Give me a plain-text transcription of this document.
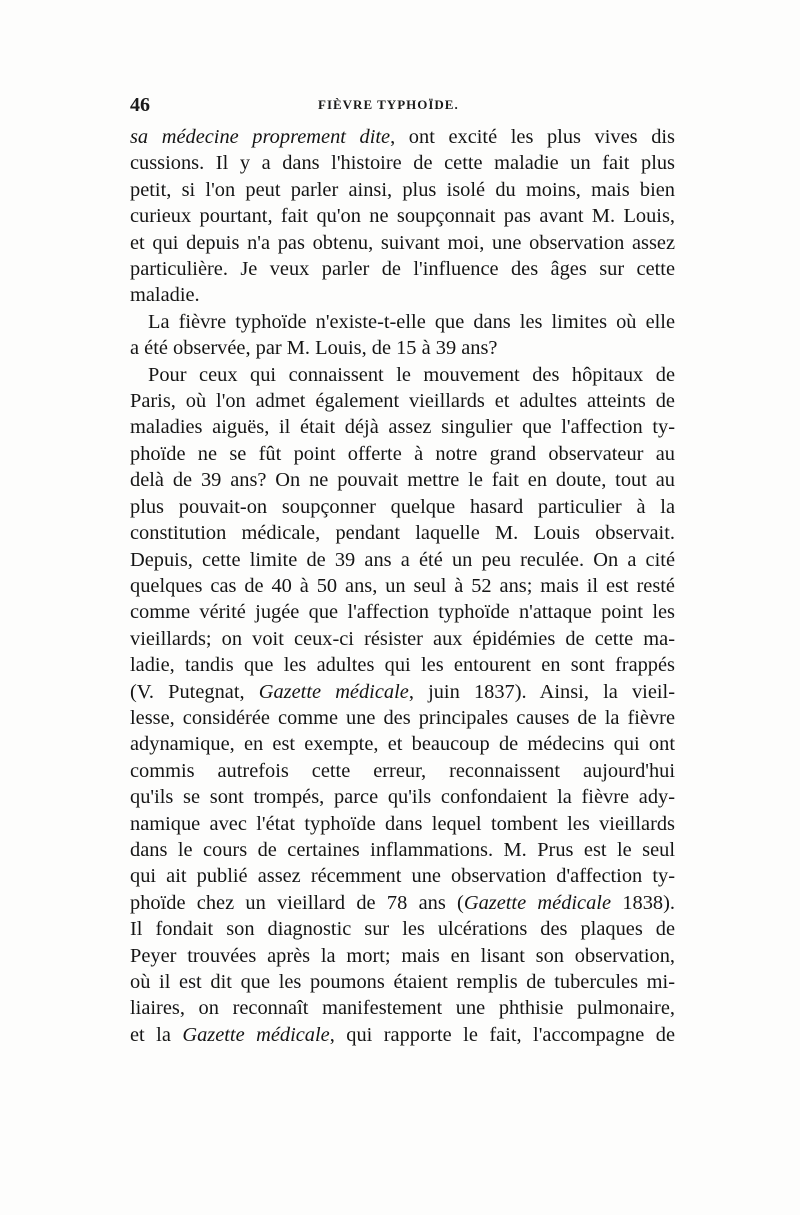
46	FIÈVRE TYPHOÏDE.
sa médecine proprement dite, ont excité les plus vives dis
cussions. Il y a dans l'histoire de cette maladie un fait plus
petit, si l'on peut parler ainsi, plus isolé du moins, mais bien
curieux pourtant, fait qu'on ne soupçonnait pas avant M. Louis,
et qui depuis n'a pas obtenu, suivant moi, une observation assez
particulière. Je veux parler de l'influence des âges sur cette
maladie.
La fièvre typhoïde n'existe-t-elle que dans les limites où elle
a été observée, par M. Louis, de 15 à 39 ans?
Pour ceux qui connaissent le mouvement des hôpitaux de
Paris, où l'on admet également vieillards et adultes atteints de
maladies aiguës, il était déjà assez singulier que l'affection ty-
phoïde ne se fût point offerte à notre grand observateur au
delà de 39 ans? On ne pouvait mettre le fait en doute, tout au
plus pouvait-on soupçonner quelque hasard particulier à la
constitution médicale, pendant laquelle M. Louis observait.
Depuis, cette limite de 39 ans a été un peu reculée. On a cité
quelques cas de 40 à 50 ans, un seul à 52 ans; mais il est resté
comme vérité jugée que l'affection typhoïde n'attaque point les
vieillards; on voit ceux-ci résister aux épidémies de cette ma-
ladie, tandis que les adultes qui les entourent en sont frappés
(V. Putegnat, Gazette médicale, juin 1837). Ainsi, la vieil-
lesse, considérée comme une des principales causes de la fièvre
adynamique, en est exempte, et beaucoup de médecins qui ont
commis autrefois cette erreur, reconnaissent aujourd'hui
qu'ils se sont trompés, parce qu'ils confondaient la fièvre ady-
namique avec l'état typhoïde dans lequel tombent les vieillards
dans le cours de certaines inflammations. M. Prus est le seul
qui ait publié assez récemment une observation d'affection ty-
phoïde chez un vieillard de 78 ans (Gazette médicale 1838).
Il fondait son diagnostic sur les ulcérations des plaques de
Peyer trouvées après la mort; mais en lisant son observation,
où il est dit que les poumons étaient remplis de tubercules mi-
liaires, on reconnaît manifestement une phthisie pulmonaire,
et la Gazette médicale, qui rapporte le fait, l'accompagne de
